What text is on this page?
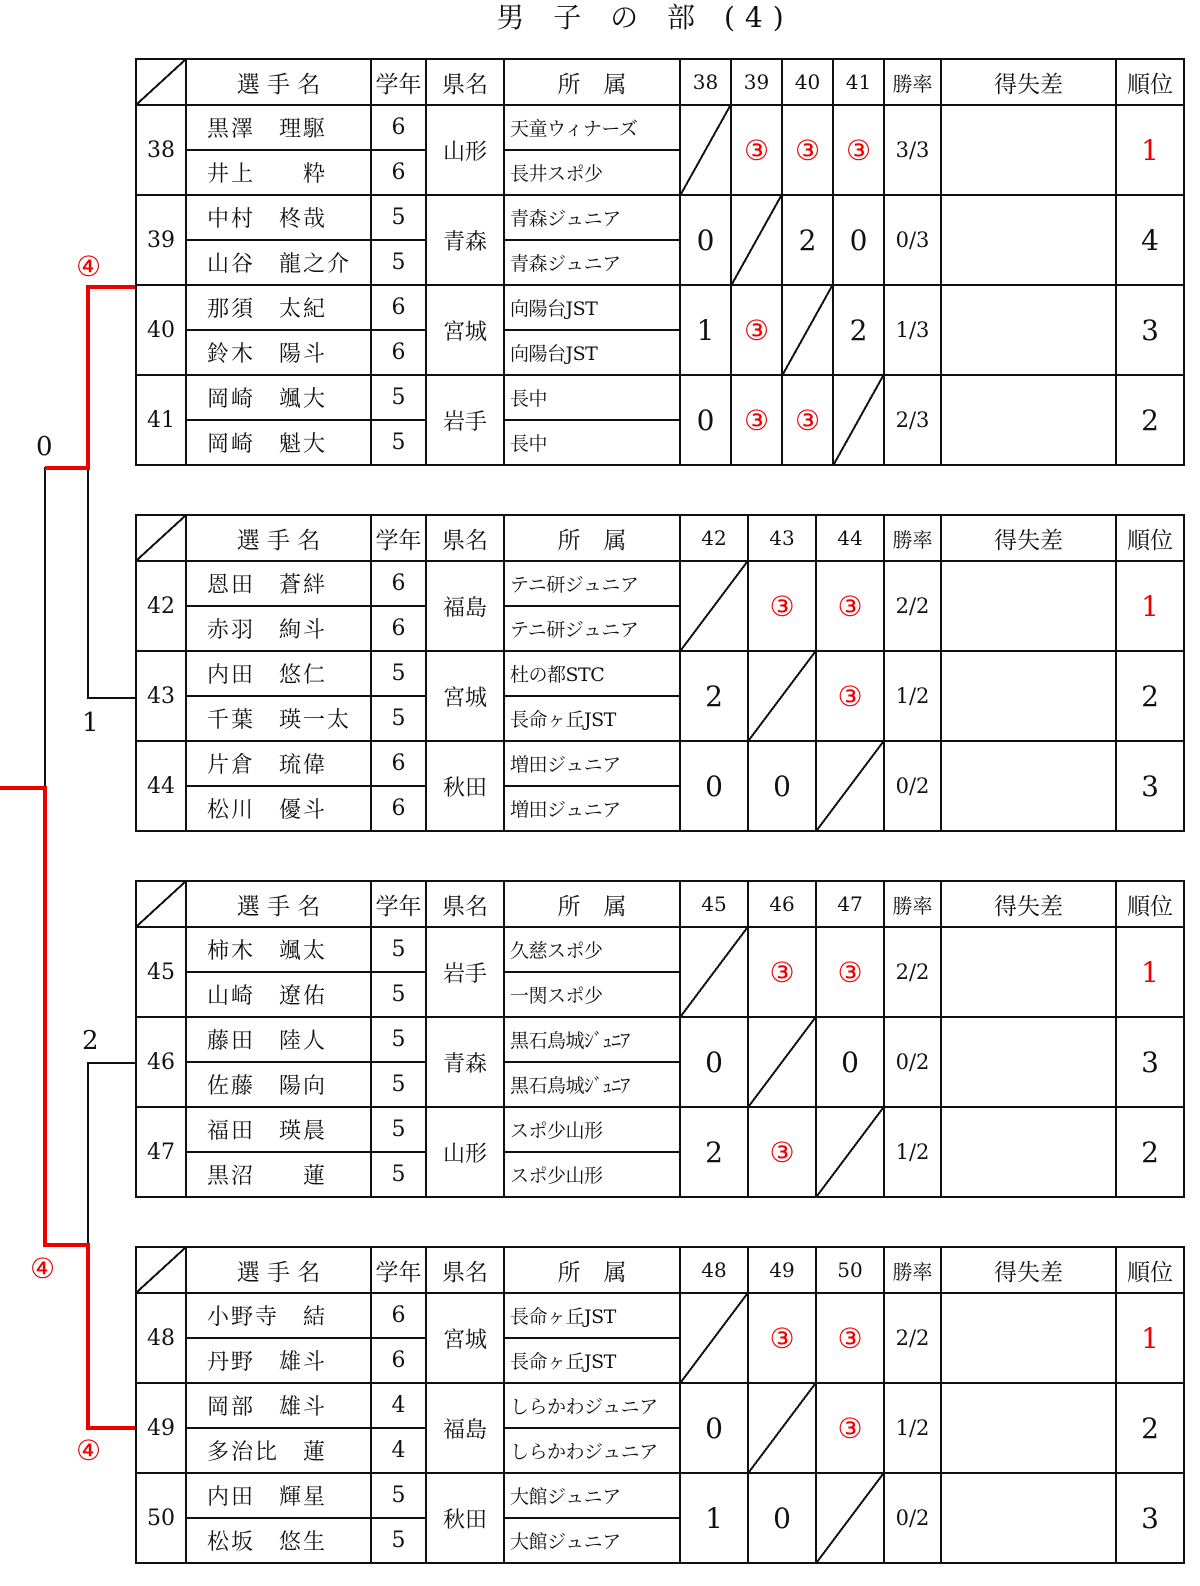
男 子 の 部 (4)
④
0
1
2
④
④
	選 手 名	学年	県名	所　属	38	39	40	41	勝率	得失差	順位
38	黒澤　理駆	6	山形	天童ウィナーズ		③	③	③	3/3		1
	井上　　粋	6		長井スポ少							
39	中村　柊哉	5	青森	青森ジュニア	0		2	0	0/3		4
	山谷　龍之介	5		青森ジュニア							
40	那須　太紀	6	宮城	向陽台JST	1	③		2	1/3		3
	鈴木　陽斗	6		向陽台JST							
41	岡崎　颯大	5	岩手	長中	0	③	③		2/3		2
	岡崎　魁大	5		長中							
	選 手 名	学年	県名	所　属	42	43	44	勝率	得失差	順位
42	恩田　蒼絆	6	福島	テニ研ジュニア		③	③	2/2		1
	赤羽　絢斗	6		テニ研ジュニア						
43	内田　悠仁	5	宮城	杜の都STC	2		③	1/2		2
	千葉　瑛一太	5		長命ヶ丘JST						
44	片倉　琉偉	6	秋田	増田ジュニア	0	0		0/2		3
	松川　優斗	6		増田ジュニア						
	選 手 名	学年	県名	所　属	45	46	47	勝率	得失差	順位
45	柿木　颯太	5	岩手	久慈スポ少		③	③	2/2		1
	山崎　遼佑	5		一関スポ少						
46	藤田　陸人	5	青森	黒石鳥城ｼﾞｭﾆｱ	0		0	0/2		3
	佐藤　陽向	5		黒石鳥城ｼﾞｭﾆｱ						
47	福田　瑛晨	5	山形	スポ少山形	2	③		1/2		2
	黒沼　　蓮	5		スポ少山形						
	選 手 名	学年	県名	所　属	48	49	50	勝率	得失差	順位
48	小野寺　結	6	宮城	長命ヶ丘JST		③	③	2/2		1
	丹野　雄斗	6		長命ヶ丘JST						
49	岡部　雄斗	4	福島	しらかわジュニア	0		③	1/2		2
	多治比　蓮	4		しらかわジュニア						
50	内田　輝星	5	秋田	大館ジュニア	1	0		0/2		3
	松坂　悠生	5		大館ジュニア						
